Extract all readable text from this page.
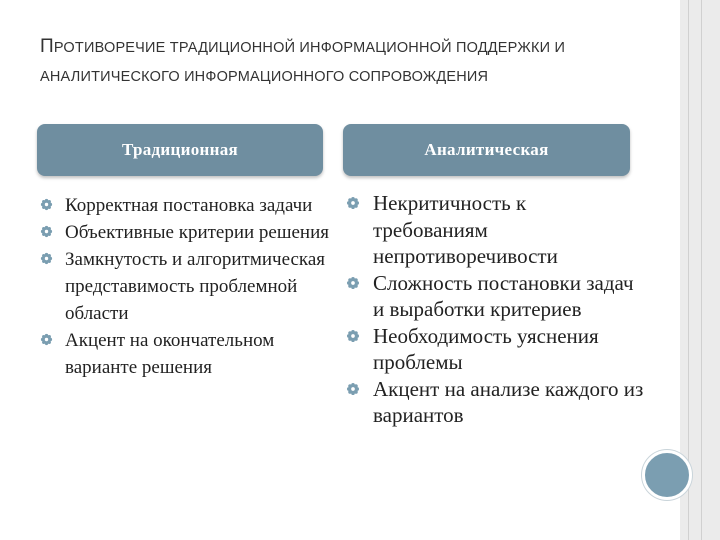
ПРОТИВОРЕЧИЕ ТРАДИЦИОННОЙ ИНФОРМАЦИОННОЙ ПОДДЕРЖКИ И АНАЛИТИЧЕСКОГО ИНФОРМАЦИОННОГО СОПРОВОЖДЕНИЯ
Традиционная	Аналитическая
Корректная постановка задачи
Объективные критерии решения
Замкнутость и алгоритмическая представимость проблемной области
Акцент на окончательном варианте решения
Некритичность к требованиям непротиворечивости
Сложность постановки задач и выработки критериев
Необходимость уяснения проблемы
Акцент на анализе каждого из вариантов
